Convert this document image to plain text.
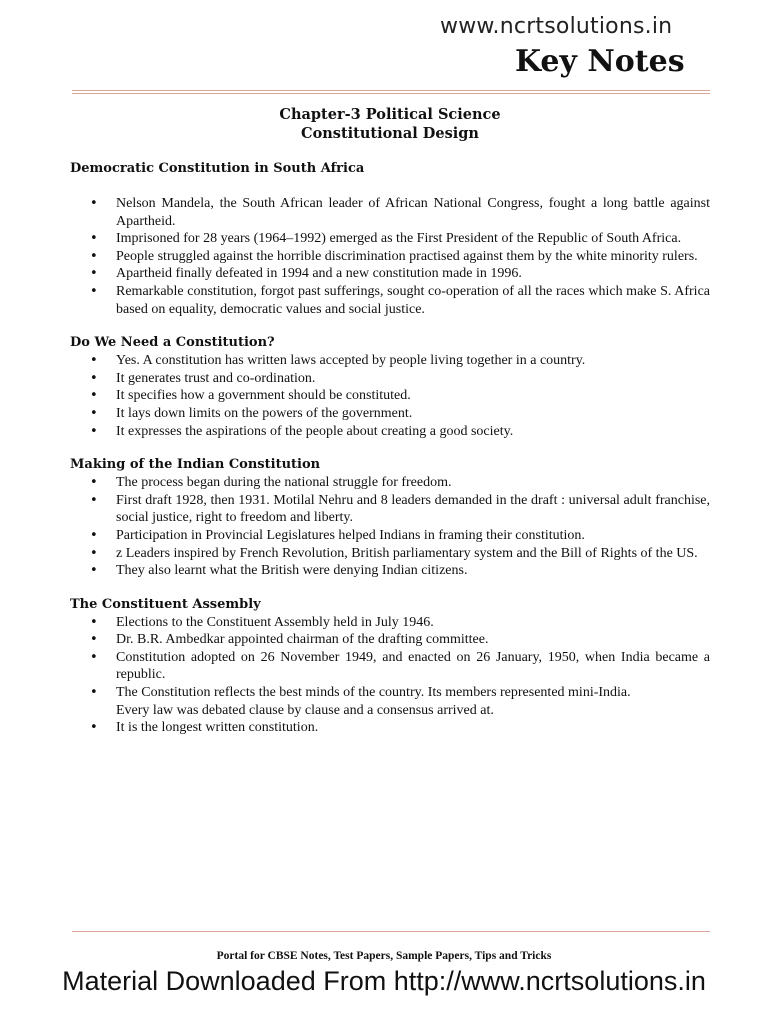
www.ncrtsolutions.in
Key Notes
Chapter-3 Political Science
Constitutional Design

Democratic Constitution in South Africa

• Nelson Mandela, the South African leader of African National Congress, fought a long battle against Apartheid.
• Imprisoned for 28 years (1964–1992) emerged as the First President of the Republic of South Africa.
• People struggled against the horrible discrimination practised against them by the white minority rulers.
• Apartheid finally defeated in 1994 and a new constitution made in 1996.
• Remarkable constitution, forgot past sufferings, sought co-operation of all the races which make S. Africa based on equality, democratic values and social justice.

Do We Need a Constitution?

• Yes. A constitution has written laws accepted by people living together in a country.
• It generates trust and co-ordination.
• It specifies how a government should be constituted.
• It lays down limits on the powers of the government.
• It expresses the aspirations of the people about creating a good society.

Making of the Indian Constitution

• The process began during the national struggle for freedom.
• First draft 1928, then 1931. Motilal Nehru and 8 leaders demanded in the draft : universal adult franchise, social justice, right to freedom and liberty.
• Participation in Provincial Legislatures helped Indians in framing their constitution.
• z Leaders inspired by French Revolution, British parliamentary system and the Bill of Rights of the US.
• They also learnt what the British were denying Indian citizens.

The Constituent Assembly

• Elections to the Constituent Assembly held in July 1946.
• Dr. B.R. Ambedkar appointed chairman of the drafting committee.
• Constitution adopted on 26 November 1949, and enacted on 26 January, 1950, when India became a republic.
• The Constitution reflects the best minds of the country. Its members represented mini-India.
Every law was debated clause by clause and a consensus arrived at.
• It is the longest written constitution.
Portal for CBSE Notes, Test Papers, Sample Papers, Tips and Tricks
Material Downloaded From http://www.ncrtsolutions.in
